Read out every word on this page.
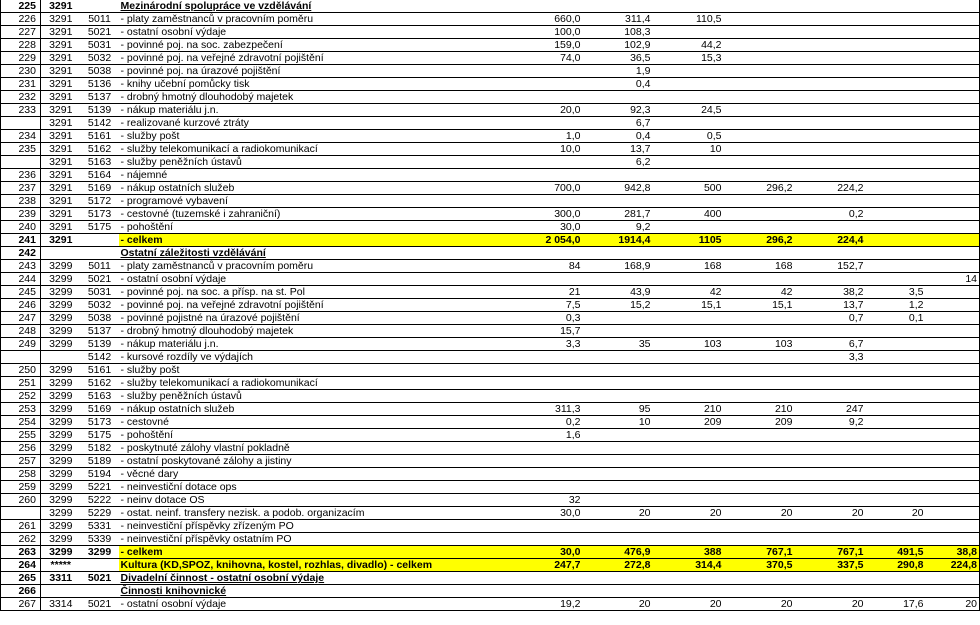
225	3291		Mezinárodní spolupráce ve vzdělávání							
226	3291	5011	- platy zaměstnanců v pracovním poměru	660,0	311,4	110,5				
227	3291	5021	- ostatní osobní výdaje	100,0	108,3					
228	3291	5031	- povinné poj. na soc. zabezpečení	159,0	102,9	44,2				
229	3291	5032	- povinné poj. na veřejné zdravotní pojištění	74,0	36,5	15,3				
230	3291	5038	- povinné poj. na úrazové pojištění		1,9					
231	3291	5136	- knihy učební pomůcky tisk		0,4					
232	3291	5137	- drobný hmotný dlouhodobý majetek							
233	3291	5139	- nákup materiálu j.n.	20,0	92,3	24,5				
	3291	5142	- realizované kurzové ztráty		6,7					
234	3291	5161	- služby pošt	1,0	0,4	0,5				
235	3291	5162	- služby telekomunikací a radiokomunikací	10,0	13,7	10				
	3291	5163	- služby peněžních ústavů		6,2					
236	3291	5164	- nájemné							
237	3291	5169	- nákup ostatních služeb	700,0	942,8	500	296,2	224,2		
238	3291	5172	- programové vybavení							
239	3291	5173	- cestovné (tuzemské i zahraniční)	300,0	281,7	400		0,2		
240	3291	5175	- pohoštění	30,0	9,2					
241	3291		- celkem	2 054,0	1914,4	1105	296,2	224,4		
242			Ostatní záležitosti vzdělávání							
243	3299	5011	- platy zaměstnanců v pracovním poměru	84	168,9	168	168	152,7		
244	3299	5021	- ostatní osobní výdaje							14
245	3299	5031	- povinné poj. na soc. a přísp. na st. Pol	21	43,9	42	42	38,2	3,5	
246	3299	5032	- povinné poj. na veřejné zdravotní pojištění	7,5	15,2	15,1	15,1	13,7	1,2	
247	3299	5038	- povinné pojistné na úrazové pojištění	0,3				0,7	0,1	
248	3299	5137	- drobný hmotný dlouhodobý majetek	15,7						
249	3299	5139	- nákup materiálu j.n.	3,3	35	103	103	6,7		
		5142	- kursové rozdíly ve výdajích					3,3		
250	3299	5161	- služby pošt							
251	3299	5162	- služby telekomunikací a radiokomunikací							
252	3299	5163	- služby peněžních ústavů							
253	3299	5169	- nákup ostatních služeb	311,3	95	210	210	247		
254	3299	5173	- cestovné	0,2	10	209	209	9,2		
255	3299	5175	- pohoštění	1,6						
256	3299	5182	- poskytnuté zálohy vlastní pokladně							
257	3299	5189	- ostatní poskytované zálohy a jistiny							
258	3299	5194	- věcné dary							
259	3299	5221	- neinvestiční dotace ops							
260	3299	5222	- neinv dotace OS	32						
	3299	5229	- ostat. neinf. transfery nezisk. a podob. organizacím	30,0	20	20	20	20	20	
261	3299	5331	- neinvestiční příspěvky zřízeným PO							
262	3299	5339	- neinvestiční příspěvky ostatním PO							
263	3299	3299	- celkem	30,0	476,9	388	767,1	767,1	491,5	38,8
264	*****		Kultura (KD,SPOZ, knihovna, kostel, rozhlas, divadlo) - celkem	247,7	272,8	314,4	370,5	337,5	290,8	224,8
265	3311	5021	Divadelní činnost - ostatní osobní výdaje							
266			Činnosti knihovnické							
267	3314	5021	- ostatní osobní výdaje	19,2	20	20	20	20	17,6	20
